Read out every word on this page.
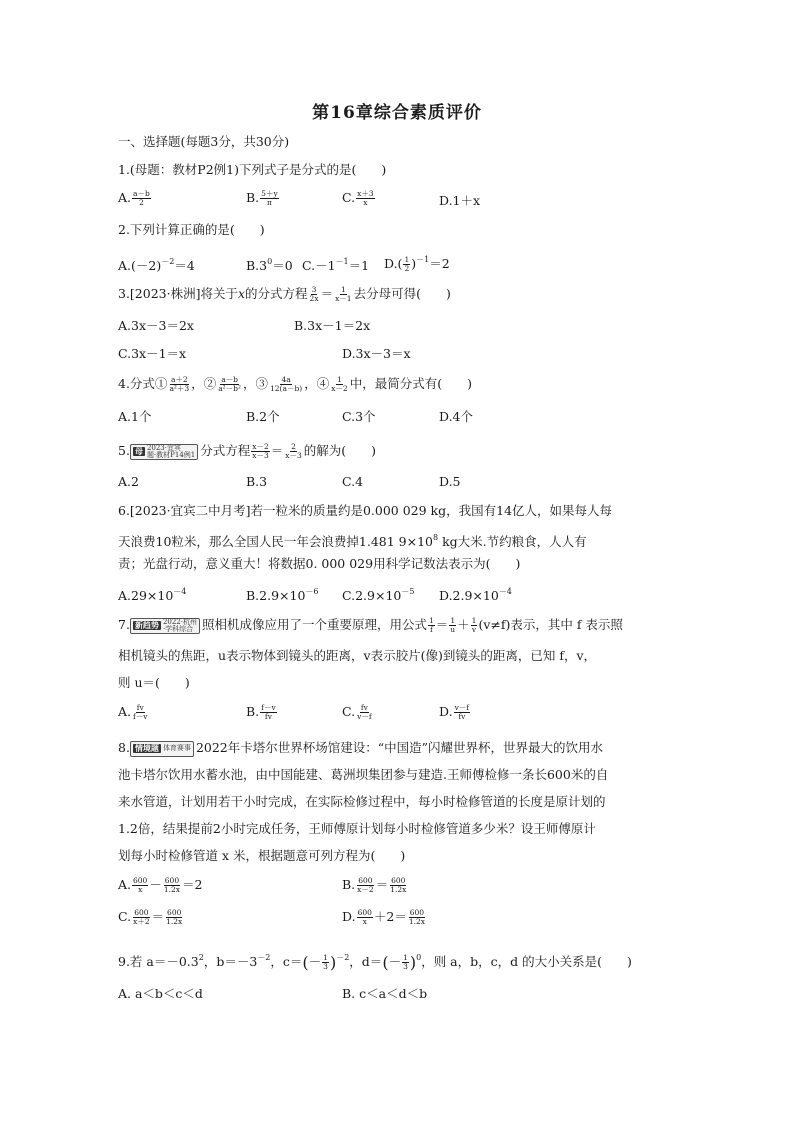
第16章综合素质评价
一、选择题(每题3分，共30分)
1.(母题：教材P2例1)下列式子是分式的是(　　)
A. $\frac{a-b}{2}$	B. $\frac{5+y}{\pi}$	C. $\frac{x+3}{x}$	D.1＋x
2.下列计算正确的是(　　)
$A.(-2)^{-2}=4$	$B.3^0=0$ $C.-1^{-1}=1$ $D.( \frac{1}{2} )^{-1}=2$
3.[2023·株洲]将关于x的分式方程 $\frac{3}{2x} = \frac{1}{x-1}$ 去分母可得(　　)
A.3x－3＝2x	B.3x－1＝2x
C.3x－1＝x	D.3x－3＝x
4.分式① $\frac{a+2}{\text{a²＋3}}$ ，② $\frac{a-b}{\text{a²－b²}}$ ，③ $\frac{4a}{12(a-b)}$ ，④ $\frac{1}{x-2}$ 中，最简分式有(　　)
A.1个	B.2个	C.3个	D.4个
5. 母 2023·宜宾
题·教材P14例1 分式方程 $\frac{x-2}{x-3} = \frac{2}{x-3}$ 的解为(　　)
A.2	B.3	C.4	D.5
6.[2023·宜宾二中月考]若一粒米的质量约是0.000 029 kg，我国有14亿人，如果每人每
天浪费10粒米，那么全国人民一年会浪费掉1.481 $9\times 10^8$ kg大米.节约粮食，人人有
责；光盘行动，意义重大！将数据0. 000 029用科学记数法表示为(　　)
$A.29\times 10^{-4}$	$B.2.9\times 10^{-6}$ $C.2.9\times 10^{-5}$ $D.2.9\times 10^{-4}$
7. 新趋势 2022·杭州
·学科综合 照相机成像应用了一个重要原理，用公式 $\frac{1}{f} = \frac{1}{u} + \frac{1}{v} (v\ne f)$表示，其中 f 表示照
相机镜头的焦距，u表示物体到镜头的距离，v表示胶片(像)到镜头的距离，已知 f，v，
则 u＝(　　)
A. $\frac{fv}{f-v}$	B. $\frac{f-v}{fv}$	C. $\frac{fv}{v-f}$	D. $\frac{v-f}{fv}$
8. 情境题 体育赛事 2022年卡塔尔世界杯场馆建设：“中国造”闪耀世界杯，世界最大的饮用水
池卡塔尔饮用水蓄水池，由中国能建、葛洲坝集团参与建造.王师傅检修一条长600米的自
来水管道，计划用若干小时完成，在实际检修过程中，每小时检修管道的长度是原计划的
1.2倍，结果提前2小时完成任务，王师傅原计划每小时检修管道多少米？设王师傅原计
划每小时检修管道 x 米，根据题意可列方程为(　　)
A. $\frac{600}{x} - \frac{600}{1.2x} =2$	B. $\frac{600}{x-2} = \frac{600}{1.2x}$
C. $\frac{600}{x+2} = \frac{600}{1.2x}$	D. $\frac{600}{x} +2= \frac{600}{1.2x}$
9.若 $a=-0.3^2$，$b=-3^{-2}$，$c=(- \frac{1}{3} )^{-2}$，$d=(- \frac{1}{3} )^0$，则 a，b，c，d 的大小关系是(　　)
A. a＜b＜c＜d	B. c＜a＜d＜b
